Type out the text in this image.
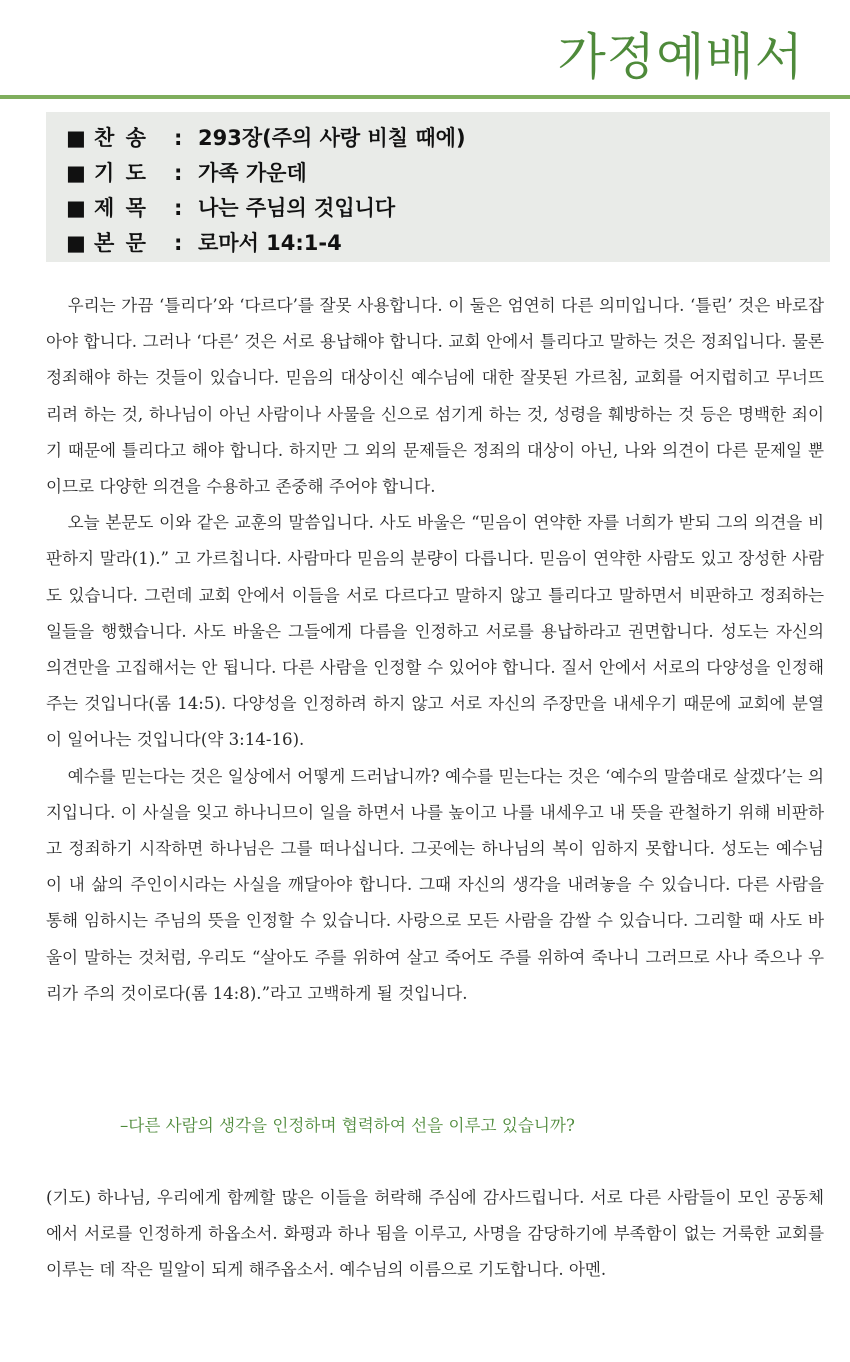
가정예배서
■ 찬 송	: 293장(주의 사랑 비칠 때에)
■ 기 도	: 가족 가운데
■ 제 목	: 나는 주님의 것입니다
■ 본 문	: 로마서 14:1-4

우리는 가끔 ‘틀리다’와 ‘다르다’를 잘못 사용합니다. 이 둘은 엄연히 다른 의미입니다. ‘틀린’ 것은 바로잡아야 합니다. 그러나 ‘다른’ 것은 서로 용납해야 합니다. 교회 안에서 틀리다고 말하는 것은 정죄입니다. 물론 정죄해야 하는 것들이 있습니다. 믿음의 대상이신 예수님에 대한 잘못된 가르침, 교회를 어지럽히고 무너뜨 리려 하는 것, 하나님이 아닌 사람이나 사물을 신으로 섬기게 하는 것, 성령을 훼방하는 것 등은 명백한 죄이기 때문에 틀리다고 해야 합니다. 하지만 그 외의 문제들은 정죄의 대상이 아닌, 나와 의견이 다른 문제일 뿐이므로 다양한 의견을 수용하고 존중해 주어야 합니다.

오늘 본문도 이와 같은 교훈의 말씀입니다. 사도 바울은 “믿음이 연약한 자를 너희가 받되 그의 의견을 비판하지 말라(1).” 고 가르칩니다. 사람마다 믿음의 분량이 다릅니다. 믿음이 연약한 사람도 있고 장성한 사람도 있습니다. 그런데 교회 안에서 이들을 서로 다르다고 말하지 않고 틀리다고 말하면서 비판하고 정죄하는 일들을 행했습니다. 사도 바울은 그들에게 다름을 인정하고 서로를 용납하라고 권면합니다. 성도는 자신의 의견만을 고집해서는 안 됩니다. 다른 사람을 인정할 수 있어야 합니다. 질서 안에서 서로의 다양성을 인정해 주는 것입니다(롬 14:5). 다양성을 인정하려 하지 않고 서로 자신의 주장만을 내세우기 때문에 교회에 분열이 일어나는 것입니다(약 3:14-16).

예수를 믿는다는 것은 일상에서 어떻게 드러납니까? 예수를 믿는다는 것은 ‘예수의 말씀대로 살겠다’는 의지입니다. 이 사실을 잊고 하나니므이 일을 하면서 나를 높이고 나를 내세우고 내 뜻을 관철하기 위해 비판하고 정죄하기 시작하면 하나님은 그를 떠나십니다. 그곳에는 하나님의 복이 임하지 못합니다. 성도는 예수님이 내 삶의 주인이시라는 사실을 깨달아야 합니다. 그때 자신의 생각을 내려놓을 수 있습니다. 다른 사람을 통해 임하시는 주님의 뜻을 인정할 수 있습니다. 사랑으로 모든 사람을 감쌀 수 있습니다. 그리할 때 사도 바울이 말하는 것처럼, 우리도 “살아도 주를 위하여 살고 죽어도 주를 위하여 죽나니 그러므로 사나 죽으나 우리가 주의 것이로다(롬 14:8).”라고 고백하게 될 것입니다.

–다른 사람의 생각을 인정하며 협력하여 선을 이루고 있습니까?

(기도) 하나님, 우리에게 함께할 많은 이들을 허락해 주심에 감사드립니다. 서로 다른 사람들이 모인 공동체에서 서로를 인정하게 하옵소서. 화평과 하나 됨을 이루고, 사명을 감당하기에 부족함이 없는 거룩한 교회를 이루는 데 작은 밀알이 되게 해주옵소서. 예수님의 이름으로 기도합니다. 아멘.
